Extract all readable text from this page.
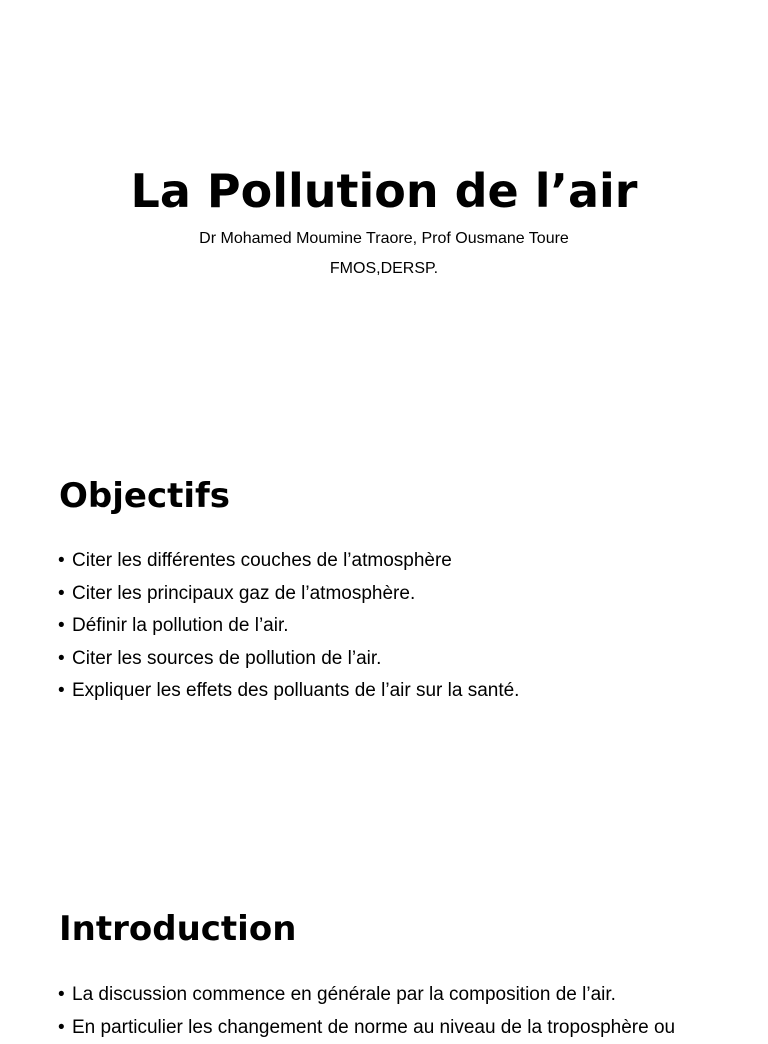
La Pollution de l’air
Dr Mohamed Moumine Traore, Prof Ousmane Toure
FMOS,DERSP.
Objectifs
• Citer les différentes couches de l’atmosphère
• Citer les principaux gaz de l’atmosphère.
• Définir la pollution de l’air.
• Citer les sources de pollution de l’air.
• Expliquer les effets des polluants de l’air sur la santé.
Introduction
• La discussion commence en générale par la composition de l’air.
• En particulier les changement de norme au niveau de la troposphère ou
